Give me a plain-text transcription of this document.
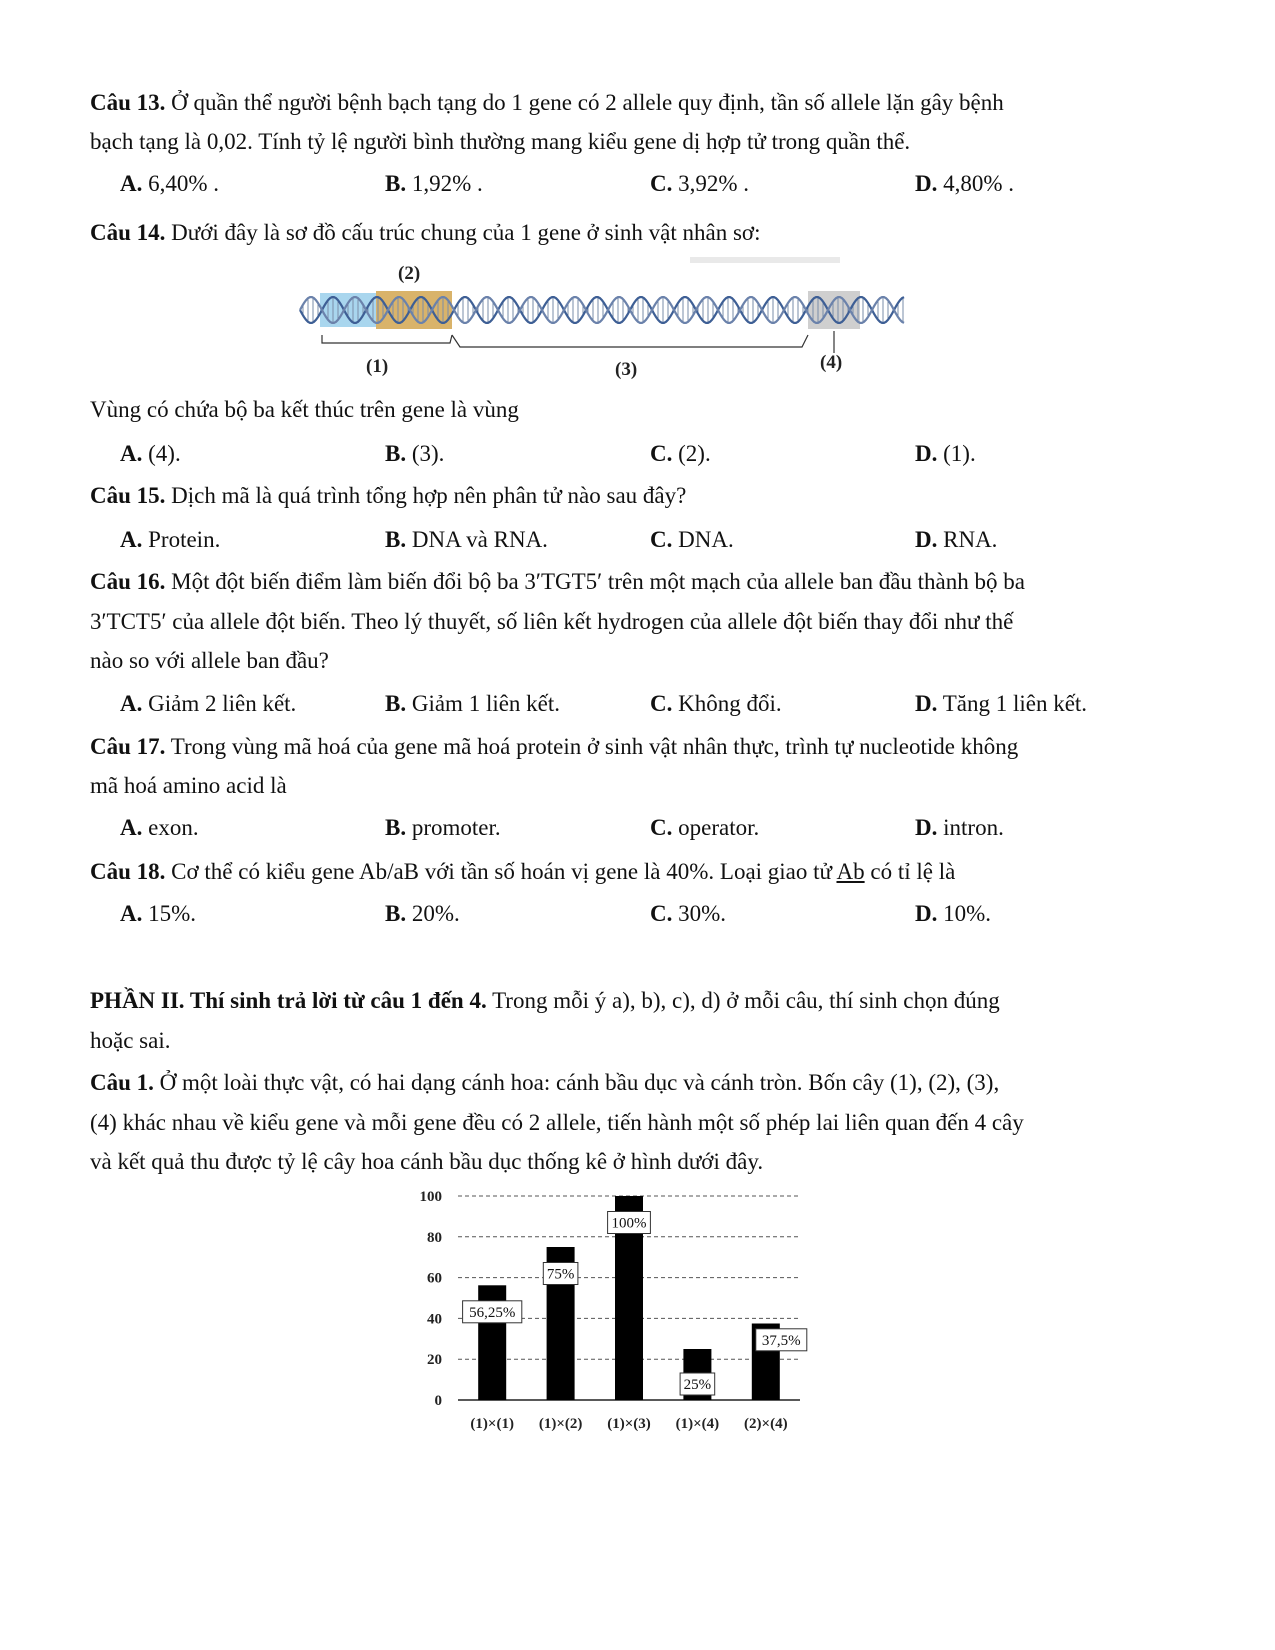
Câu 13. Ở quần thể người bệnh bạch tạng do 1 gene có 2 allele quy định, tần số allele lặn gây bệnh
bạch tạng là 0,02. Tính tỷ lệ người bình thường mang kiểu gene dị hợp tử trong quần thể.
A. 6,40% .	B. 1,92% .	C. 3,92% .	D. 4,80% .
Câu 14. Dưới đây là sơ đồ cấu trúc chung của 1 gene ở sinh vật nhân sơ:
(2)
(1)	(3)	(4)
Vùng có chứa bộ ba kết thúc trên gene là vùng
A. (4).	B. (3).	C. (2).	D. (1).
Câu 15. Dịch mã là quá trình tổng hợp nên phân tử nào sau đây?
A. Protein.	B. DNA và RNA.	C. DNA.	D. RNA.
Câu 16. Một đột biến điểm làm biến đổi bộ ba 3′TGT5′ trên một mạch của allele ban đầu thành bộ ba
3′TCT5′ của allele đột biến. Theo lý thuyết, số liên kết hydrogen của allele đột biến thay đổi như thế
nào so với allele ban đầu?
A. Giảm 2 liên kết.	B. Giảm 1 liên kết.	C. Không đổi.	D. Tăng 1 liên kết.
Câu 17. Trong vùng mã hoá của gene mã hoá protein ở sinh vật nhân thực, trình tự nucleotide không
mã hoá amino acid là
A. exon.	B. promoter.	C. operator.	D. intron.
Câu 18. Cơ thể có kiểu gene Ab/aB với tần số hoán vị gene là 40%. Loại giao tử Ab có tỉ lệ là
A. 15%.	B. 20%.	C. 30%.	D. 10%.
PHẦN II. Thí sinh trả lời từ câu 1 đến 4. Trong mỗi ý a), b), c), d) ở mỗi câu, thí sinh chọn đúng
hoặc sai.
Câu 1. Ở một loài thực vật, có hai dạng cánh hoa: cánh bầu dục và cánh tròn. Bốn cây (1), (2), (3),
(4) khác nhau về kiểu gene và mỗi gene đều có 2 allele, tiến hành một số phép lai liên quan đến 4 cây
và kết quả thu được tỷ lệ cây hoa cánh bầu dục thống kê ở hình dưới đây.
0
20
40
60
80
100
(1)×(1)
56,25%
(1)×(2)
75%
(1)×(3)
100%
(1)×(4)
25%
(2)×(4)
37,5%
